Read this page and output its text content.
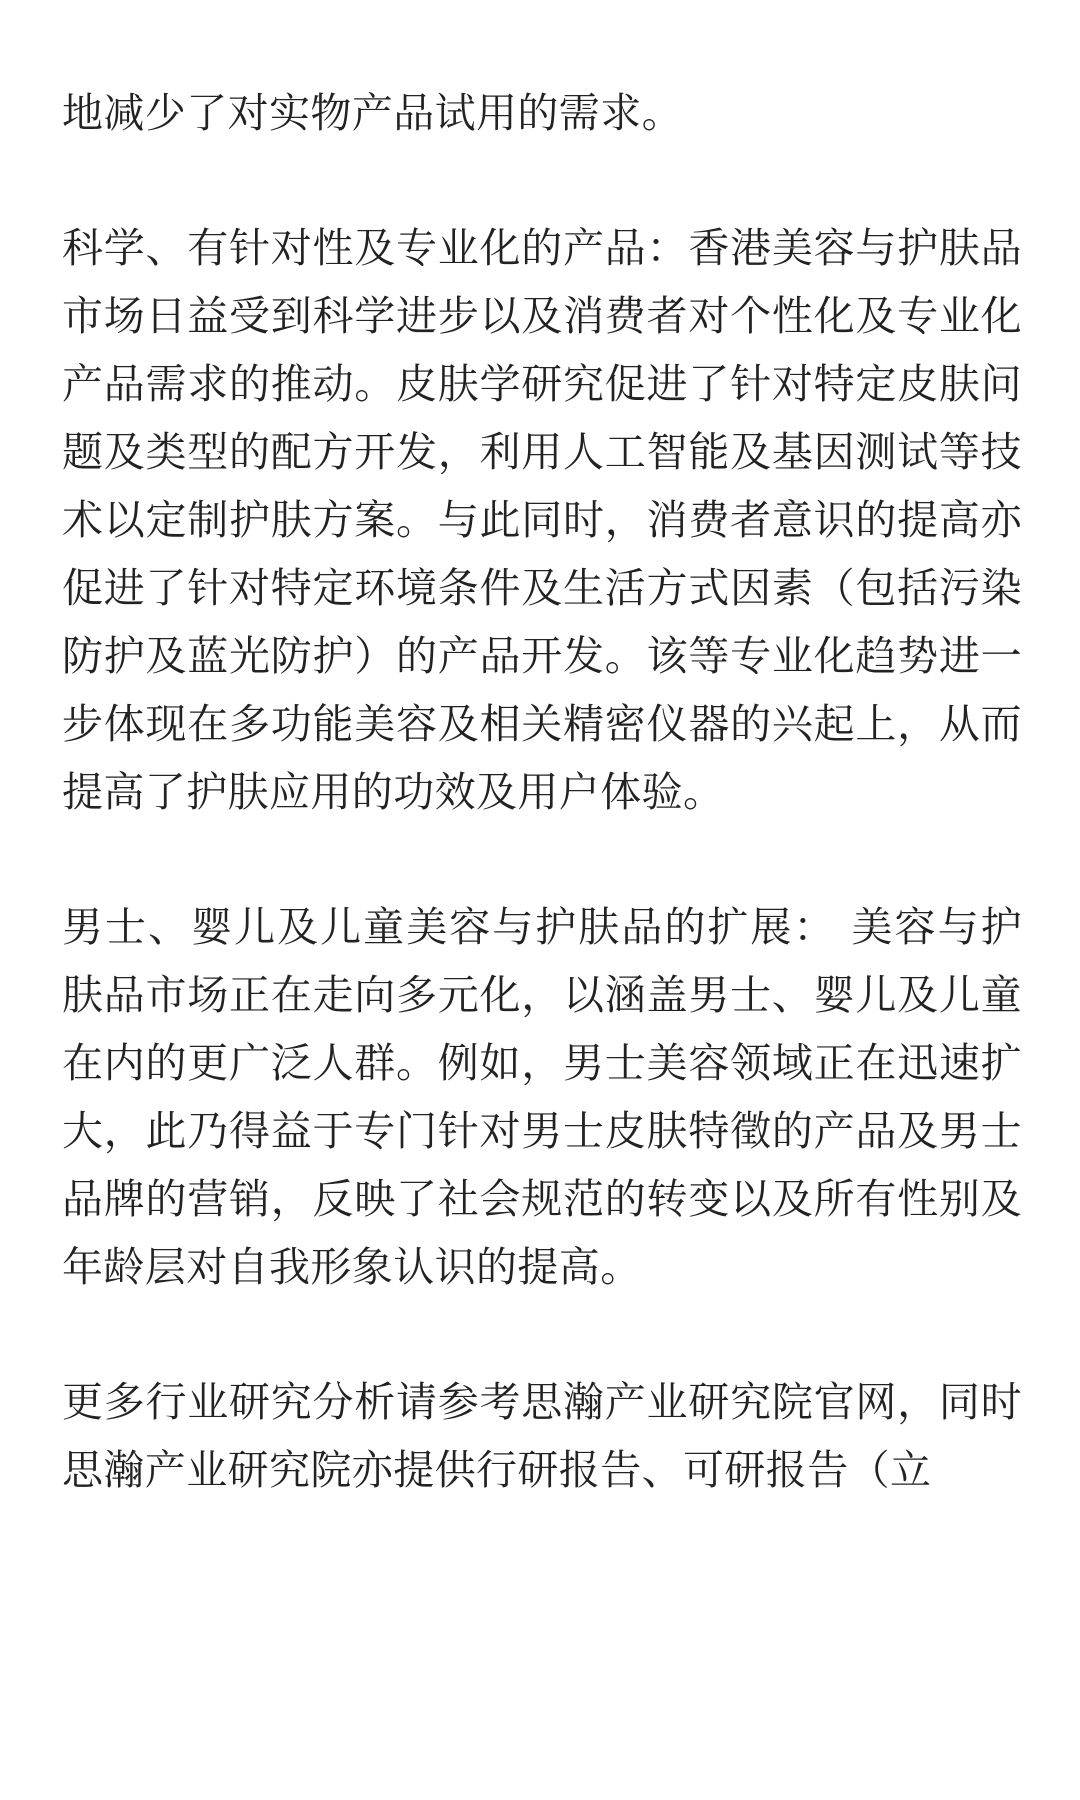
地减少了对实物产品试用的需求。

科学、有针对性及专业化的产品：香港美容与护肤品市场日益受到科学进步以及消费者对个性化及专业化产品需求的推动。皮肤学研究促进了针对特定皮肤问题及类型的配方开发，利用人工智能及基因测试等技术以定制护肤方案。与此同时，消费者意识的提高亦促进了针对特定环境条件及生活方式因素（包括污染防护及蓝光防护）的产品开发。该等专业化趋势进一步体现在多功能美容及相关精密仪器的兴起上，从而提高了护肤应用的功效及用户体验。

男士、婴儿及儿童美容与护肤品的扩展： 美容与护肤品市场正在走向多元化，以涵盖男士、婴儿及儿童在内的更广泛人群。例如，男士美容领域正在迅速扩大，此乃得益于专门针对男士皮肤特徵的产品及男士品牌的营销，反映了社会规范的转变以及所有性别及年龄层对自我形象认识的提高。

更多行业研究分析请参考思瀚产业研究院官网，同时思瀚产业研究院亦提供行研报告、可研报告（立
